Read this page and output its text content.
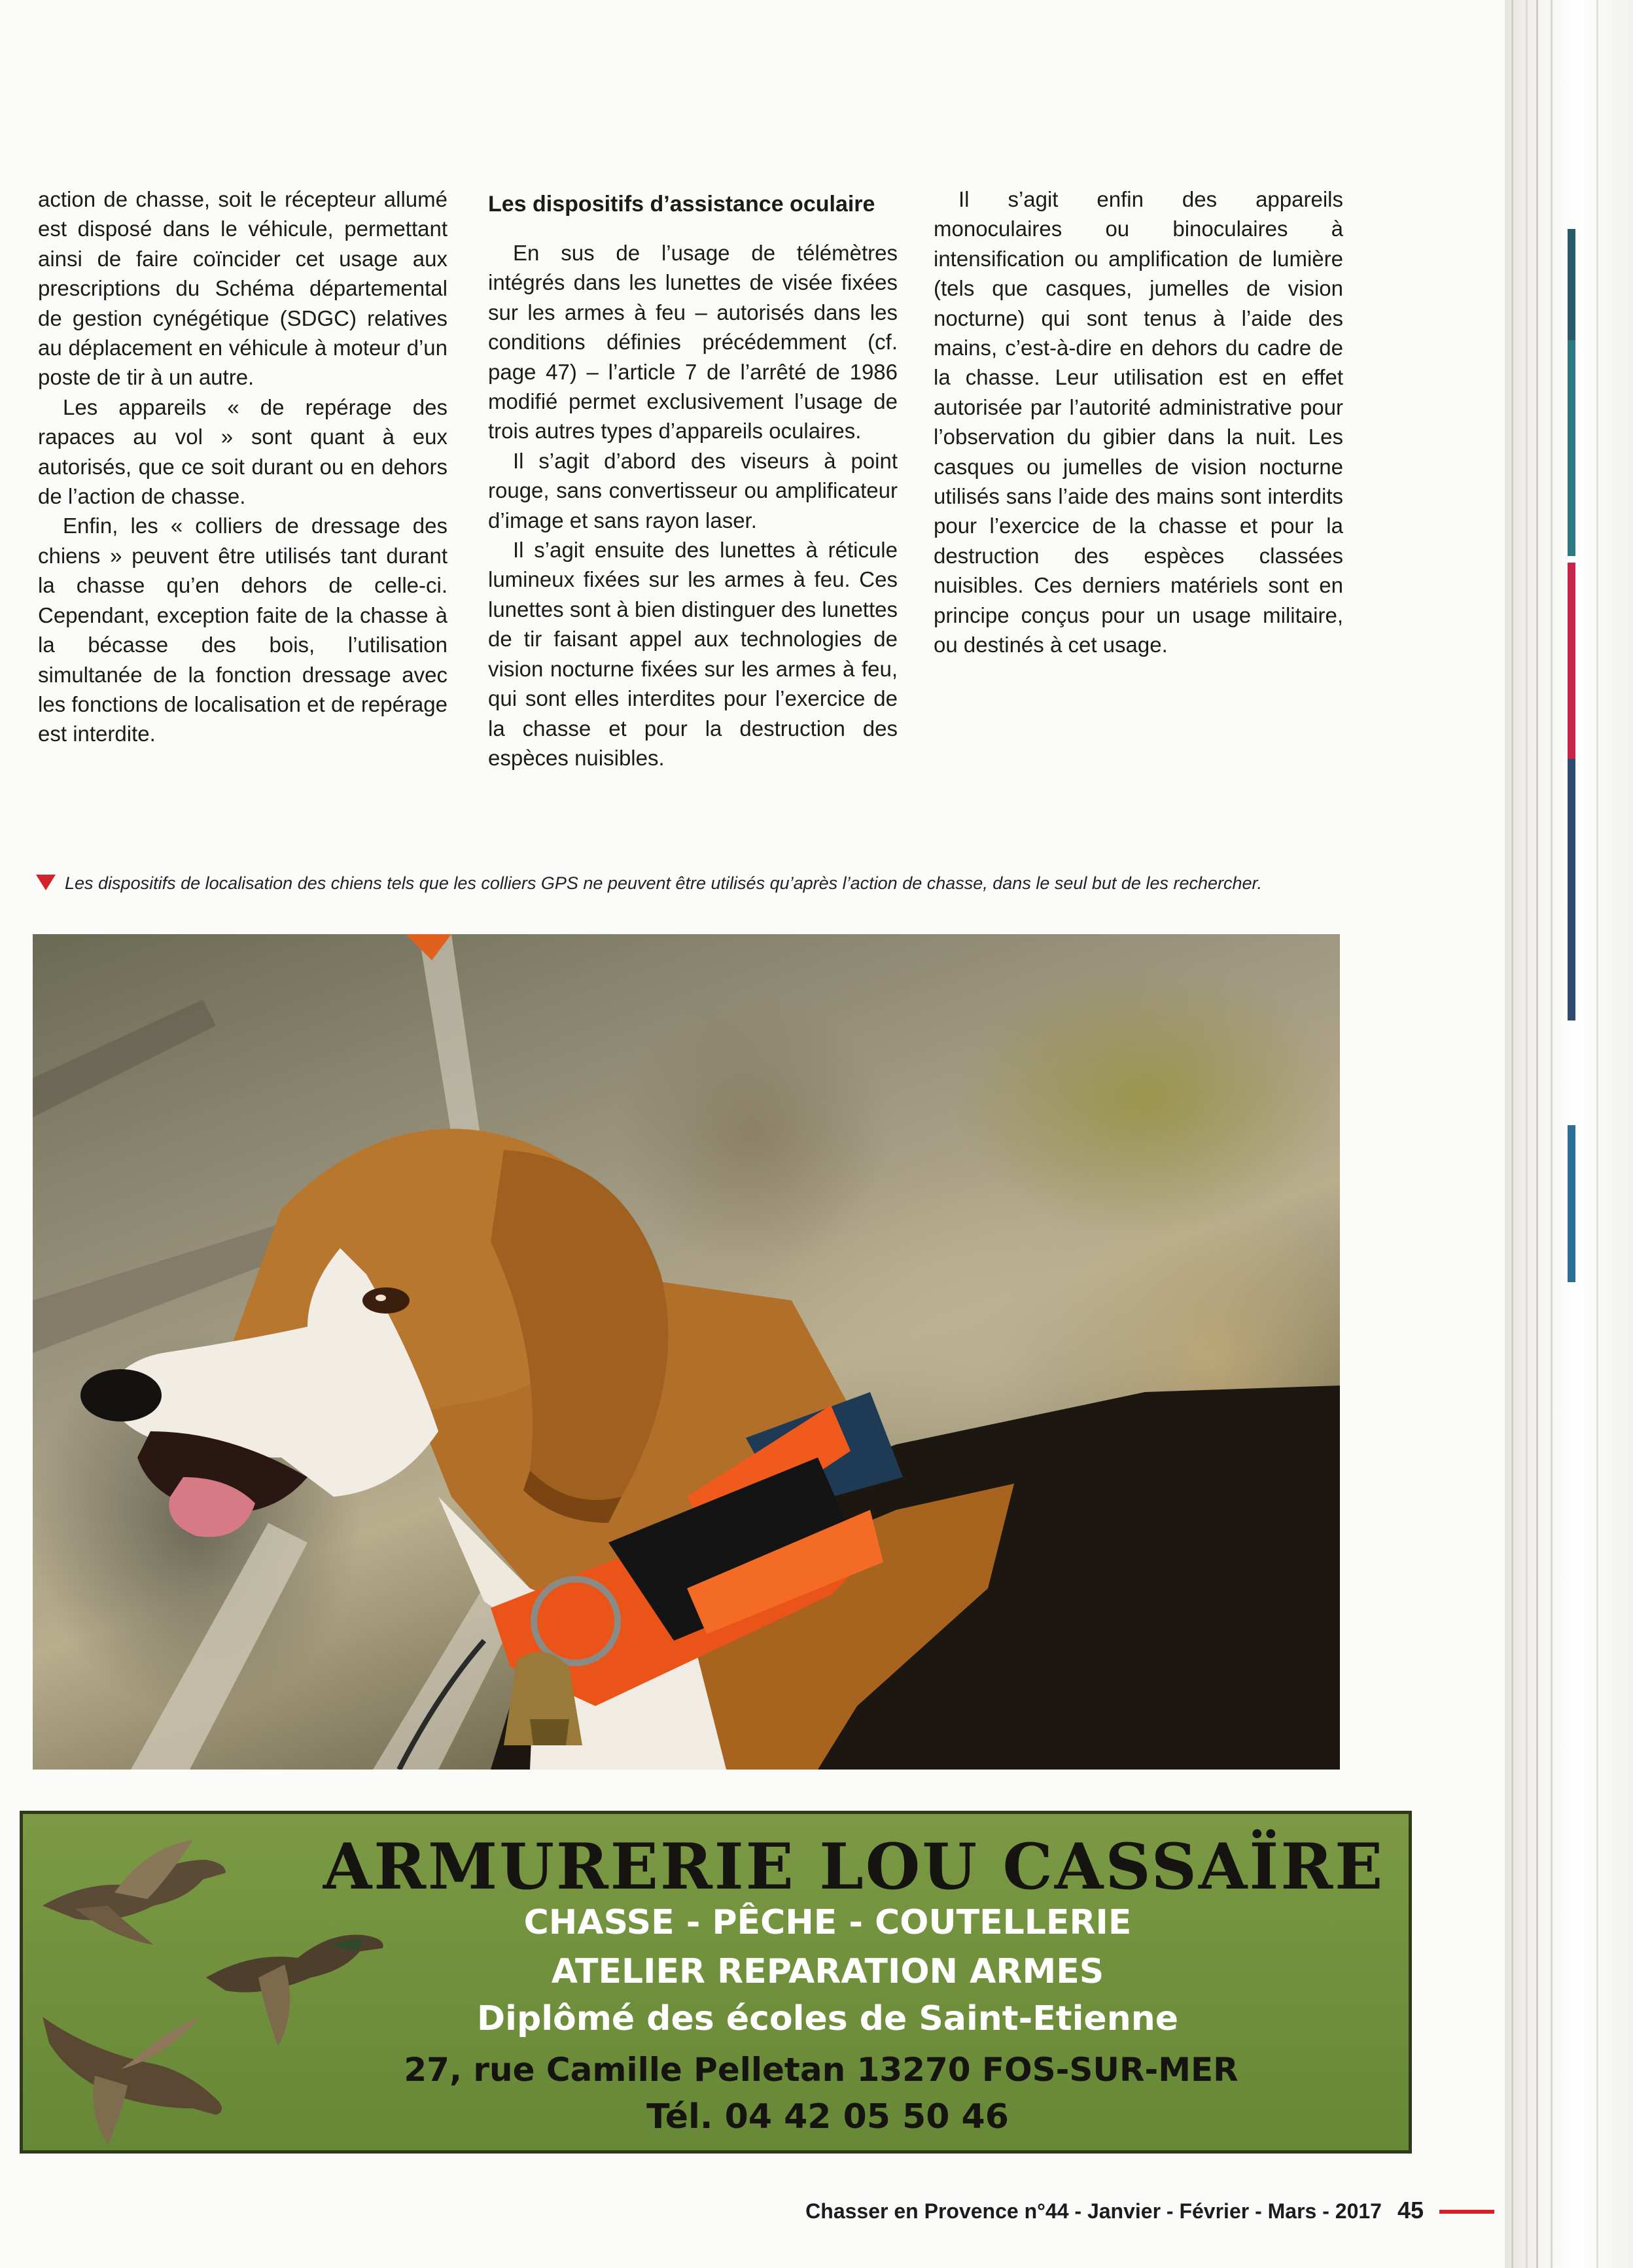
action de chasse, soit le récepteur allumé est disposé dans le véhicule, permettant ainsi de faire coïncider cet usage aux prescriptions du Schéma départemental de gestion cynégétique (SDGC) relatives au déplacement en véhicule à moteur d’un poste de tir à un autre.

Les appareils « de repérage des rapaces au vol » sont quant à eux autorisés, que ce soit durant ou en dehors de l’action de chasse.

Enfin, les « colliers de dressage des chiens » peuvent être utilisés tant durant la chasse qu’en dehors de celle-ci. Cependant, exception faite de la chasse à la bécasse des bois, l’utilisation simultanée de la fonction dressage avec les fonctions de localisation et de repérage est interdite.

Les dispositifs d’assistance oculaire

En sus de l’usage de télémètres intégrés dans les lunettes de visée fixées sur les armes à feu – autorisés dans les conditions définies précédemment (cf. page 47) – l’article 7 de l’arrêté de 1986 modifié permet exclusivement l’usage de trois autres types d’appareils oculaires.

Il s’agit d’abord des viseurs à point rouge, sans convertisseur ou amplificateur d’image et sans rayon laser.

Il s’agit ensuite des lunettes à réticule lumineux fixées sur les armes à feu. Ces lunettes sont à bien distinguer des lunettes de tir faisant appel aux technologies de vision nocturne fixées sur les armes à feu, qui sont elles interdites pour l’exercice de la chasse et pour la destruction des espèces nuisibles.

Il s’agit enfin des appareils monoculaires ou binoculaires à intensification ou amplification de lumière (tels que casques, jumelles de vision nocturne) qui sont tenus à l’aide des mains, c’est-à-dire en dehors du cadre de la chasse. Leur utilisation est en effet autorisée par l’autorité administrative pour l’observation du gibier dans la nuit. Les casques ou jumelles de vision nocturne utilisés sans l’aide des mains sont interdits pour l’exercice de la chasse et pour la destruction des espèces classées nuisibles. Ces derniers matériels sont en principe conçus pour un usage militaire, ou destinés à cet usage.

Les dispositifs de localisation des chiens tels que les colliers GPS ne peuvent être utilisés qu’après l’action de chasse, dans le seul but de les rechercher.
ARMURERIE LOU CASSAÏRE
CHASSE - PÊCHE - COUTELLERIE
ATELIER REPARATION ARMES
Diplômé des écoles de Saint-Etienne
27, rue Camille Pelletan 13270 FOS-SUR-MER
Tél. 04 42 05 50 46
Chasser en Provence n°44 - Janvier - Février - Mars - 2017 45
